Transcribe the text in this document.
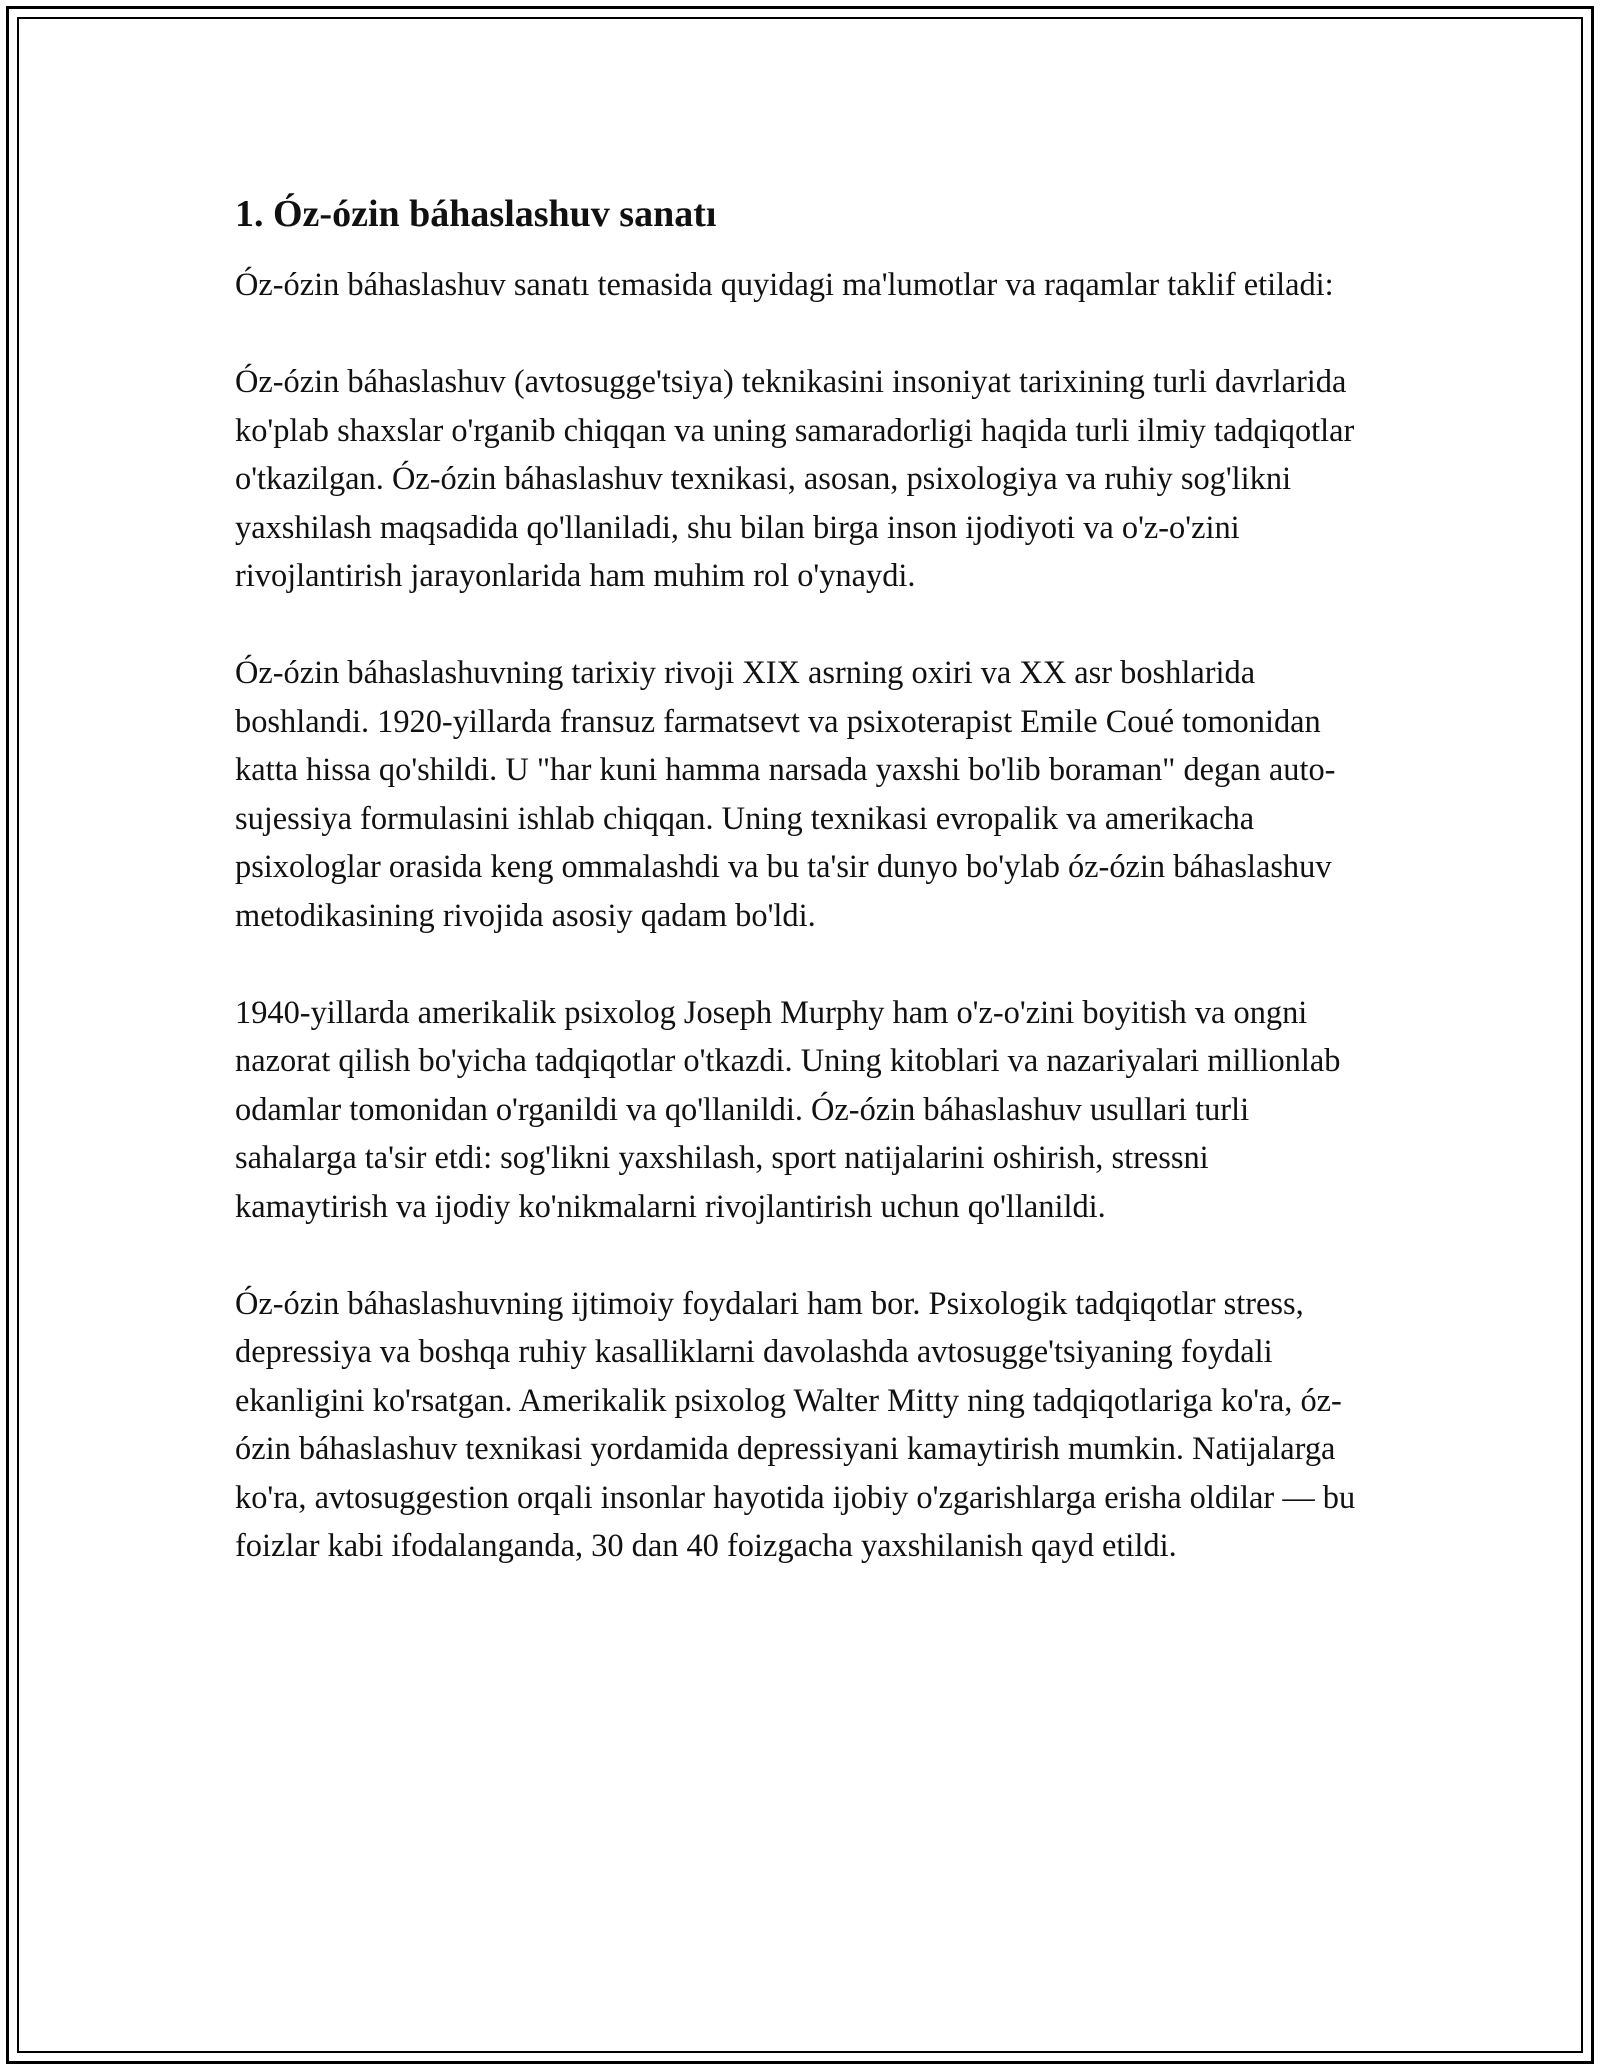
1. Óz-ózin báhaslashuv sanatı

Óz-ózin báhaslashuv sanatı temasida quyidagi ma'lumotlar va raqamlar taklif etiladi:

Óz-ózin báhaslashuv (avtosugge'tsiya) teknikasini insoniyat tarixining turli davrlarida ko'plab shaxslar o'rganib chiqqan va uning samaradorligi haqida turli ilmiy tadqiqotlar o'tkazilgan. Óz-ózin báhaslashuv texnikasi, asosan, psixologiya va ruhiy sog'likni yaxshilash maqsadida qo'llaniladi, shu bilan birga inson ijodiyoti va o'z-o'zini rivojlantirish jarayonlarida ham muhim rol o'ynaydi.

Óz-ózin báhaslashuvning tarixiy rivoji XIX asrning oxiri va XX asr boshlarida boshlandi. 1920-yillarda fransuz farmatsevt va psixoterapist Emile Coué tomonidan katta hissa qo'shildi. U "har kuni hamma narsada yaxshi bo'lib boraman" degan auto-sujessiya formulasini ishlab chiqqan. Uning texnikasi evropalik va amerikacha psixologlar orasida keng ommalashdi va bu ta'sir dunyo bo'ylab óz-ózin báhaslashuv metodikasining rivojida asosiy qadam bo'ldi.

1940-yillarda amerikalik psixolog Joseph Murphy ham o'z-o'zini boyitish va ongni nazorat qilish bo'yicha tadqiqotlar o'tkazdi. Uning kitoblari va nazariyalari millionlab odamlar tomonidan o'rganildi va qo'llanildi. Óz-ózin báhaslashuv usullari turli sahalarga ta'sir etdi: sog'likni yaxshilash, sport natijalarini oshirish, stressni kamaytirish va ijodiy ko'nikmalarni rivojlantirish uchun qo'llanildi.

Óz-ózin báhaslashuvning ijtimoiy foydalari ham bor. Psixologik tadqiqotlar stress, depressiya va boshqa ruhiy kasalliklarni davolashda avtosugge'tsiyaning foydali ekanligini ko'rsatgan. Amerikalik psixolog Walter Mitty ning tadqiqotlariga ko'ra, óz-ózin báhaslashuv texnikasi yordamida depressiyani kamaytirish mumkin. Natijalarga ko'ra, avtosuggestion orqali insonlar hayotida ijobiy o'zgarishlarga erisha oldilar — bu foizlar kabi ifodalanganda, 30 dan 40 foizgacha yaxshilanish qayd etildi.
